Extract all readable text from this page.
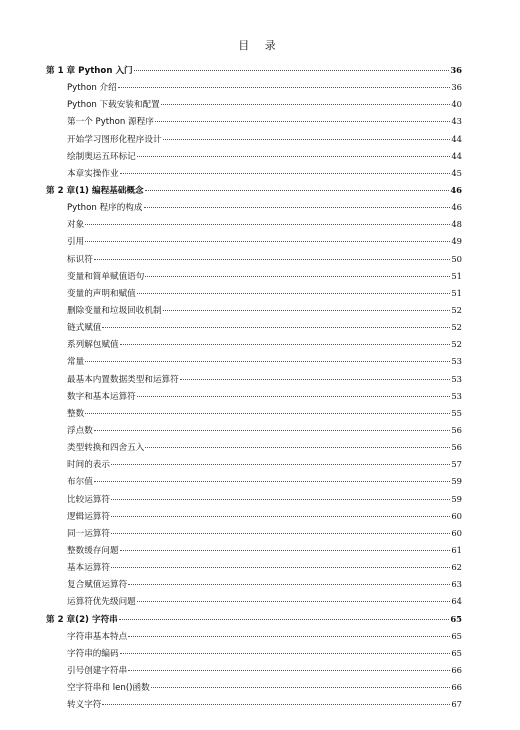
目 录
第 1 章 Python 入门	36
Python 介绍	36
Python 下载安装和配置	40
第一个 Python 源程序	43
开始学习图形化程序设计	44
绘制奥运五环标记	44
本章实操作业	45
第 2 章(1) 编程基础概念	46
Python 程序的构成	46
对象	48
引用	49
标识符	50
变量和简单赋值语句	51
变量的声明和赋值	51
删除变量和垃圾回收机制	52
链式赋值	52
系列解包赋值	52
常量	53
最基本内置数据类型和运算符	53
数字和基本运算符	53
整数	55
浮点数	56
类型转换和四舍五入	56
时间的表示	57
布尔值	59
比较运算符	59
逻辑运算符	60
同一运算符	60
整数缓存问题	61
基本运算符	62
复合赋值运算符	63
运算符优先级问题	64
第 2 章(2) 字符串	65
字符串基本特点	65
字符串的编码	65
引号创建字符串	66
空字符串和 len()函数	66
转义字符	67
